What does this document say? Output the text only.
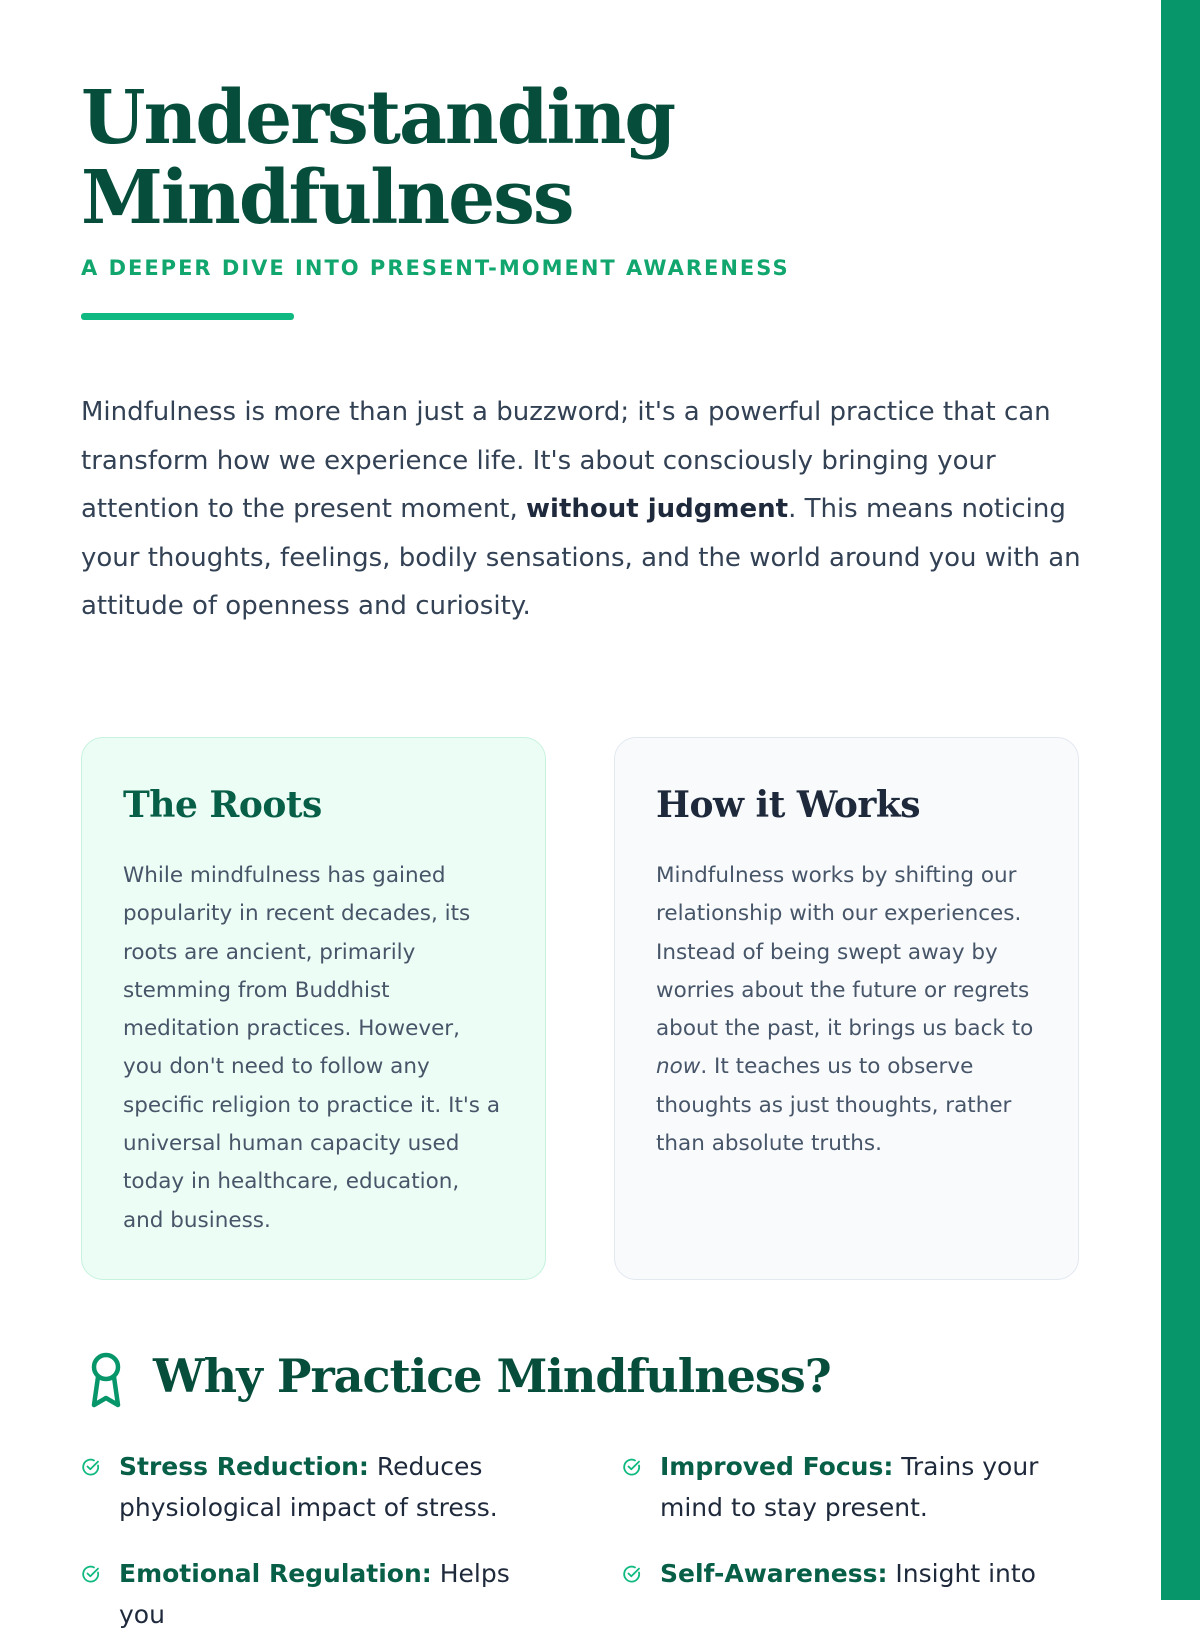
Understanding
Mindfulness
A DEEPER DIVE INTO PRESENT-MOMENT AWARENESS

Mindfulness is more than just a buzzword; it's a powerful practice that can transform how we experience life. It's about consciously bringing your attention to the present moment, without judgment. This means noticing your thoughts, feelings, bodily sensations, and the world around you with an attitude of openness and curiosity.

The Roots

While mindfulness has gained popularity in recent decades, its roots are ancient, primarily stemming from Buddhist meditation practices. However, you don't need to follow any specific religion to practice it. It's a universal human capacity used today in healthcare, education, and business.

How it Works

Mindfulness works by shifting our relationship with our experiences. Instead of being swept away by worries about the future or regrets about the past, it brings us back to now. It teaches us to observe thoughts as just thoughts, rather than absolute truths.

Why Practice Mindfulness?

Stress Reduction: Reduces physiological impact of stress.

Improved Focus: Trains your mind to stay present.

Emotional Regulation: Helps you

Self-Awareness: Insight into
